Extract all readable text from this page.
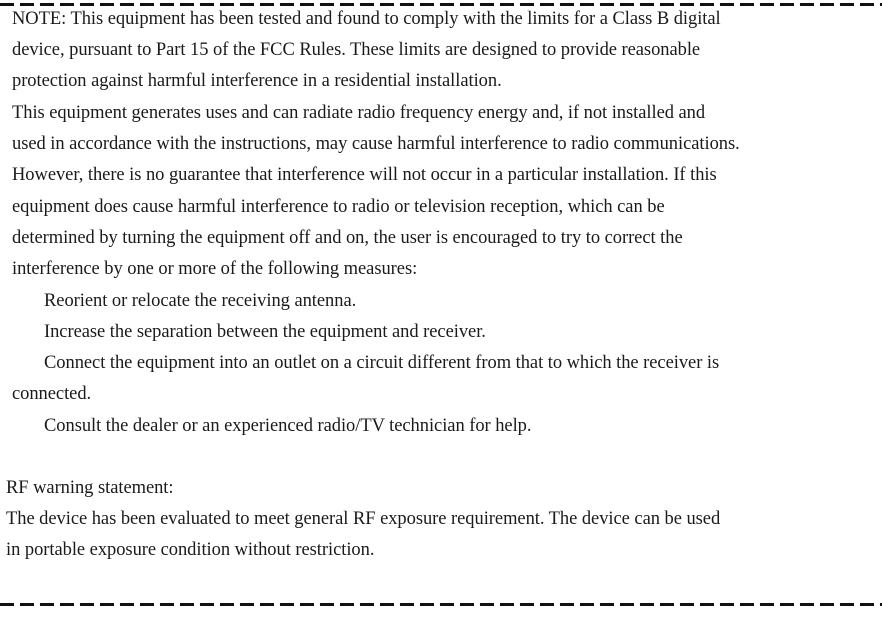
NOTE: This equipment has been tested and found to comply with the limits for a Class B digital
device, pursuant to Part 15 of the FCC Rules. These limits are designed to provide reasonable
protection against harmful interference in a residential installation.
This equipment generates uses and can radiate radio frequency energy and, if not installed and
used in accordance with the instructions, may cause harmful interference to radio communications.
However, there is no guarantee that interference will not occur in a particular installation. If this
equipment does cause harmful interference to radio or television reception, which can be
determined by turning the equipment off and on, the user is encouraged to try to correct the
interference by one or more of the following measures:
Reorient or relocate the receiving antenna.
Increase the separation between the equipment and receiver.
Connect the equipment into an outlet on a circuit different from that to which the receiver is
connected.
Consult the dealer or an experienced radio/TV technician for help.
RF warning statement:
The device has been evaluated to meet general RF exposure requirement. The device can be used
in portable exposure condition without restriction.
